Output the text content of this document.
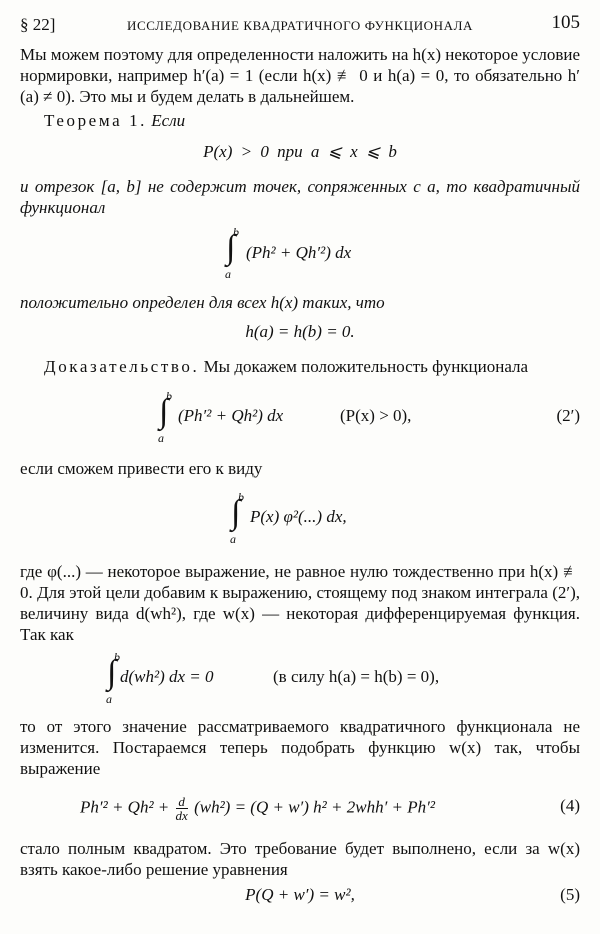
§ 22]	ИССЛЕДОВАНИЕ КВАДРАТИЧНОГО ФУНКЦИОНАЛА	105
Мы можем поэтому для определенности наложить на h(x) некоторое условие нормировки, например h′(a) = 1 (если h(x) ≢ 0 и h(a) = 0, то обязательно h′(a) ≠ 0). Это мы и будем делать в дальнейшем.
Теорема 1. Если
P(x) > 0 при a ⩽ x ⩽ b
и отрезок [a, b] не содержит точек, сопряженных с a, то квадратичный функционал
b
∫
a
(Ph² + Qh′²) dx
положительно определен для всех h(x) таких, что
h(a) = h(b) = 0.
Доказательство. Мы докажем положительность функционала
b
∫
a
(Ph′² + Qh²) dx	(P(x) > 0),	(2′)
если сможем привести его к виду
b
∫
a
P(x) φ²(...) dx,
где φ(...) — некоторое выражение, не равное нулю тождественно при h(x) ≢ 0. Для этой цели добавим к выражению, стоящему под знаком интеграла (2′), величину вида d(wh²), где w(x) — некоторая дифференцируемая функция. Так как
b
∫
a
d(wh²) dx = 0	(в силу h(a) = h(b) = 0),
то от этого значение рассматриваемого квадратичного функционала не изменится. Постараемся теперь подобрать функцию w(x) так, чтобы выражение
$Ph'^2 + Qh^2 + \frac{d}{dx} (wh^2) = (Q + w') h^2 + 2whh' + Ph'^2$	(4)
стало полным квадратом. Это требование будет выполнено, если за w(x) взять какое-либо решение уравнения
P(Q + w′) = w²,	(5)
